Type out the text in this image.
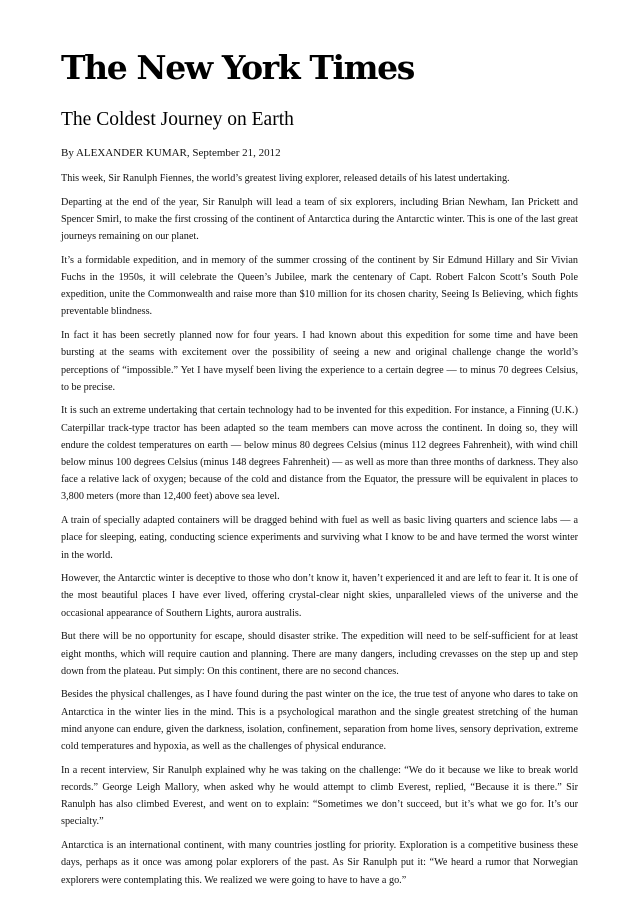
The New York Times
The Coldest Journey on Earth
By ALEXANDER KUMAR, September 21, 2012

This week, Sir Ranulph Fiennes, the world’s greatest living explorer, released details of his latest undertaking.

Departing at the end of the year, Sir Ranulph will lead a team of six explorers, including Brian Newham, Ian Prickett and Spencer Smirl, to make the first crossing of the continent of Antarctica during the Antarctic winter. This is one of the last great journeys remaining on our planet.

It’s a formidable expedition, and in memory of the summer crossing of the continent by Sir Edmund Hillary and Sir Vivian Fuchs in the 1950s, it will celebrate the Queen’s Jubilee, mark the centenary of Capt. Robert Falcon Scott’s South Pole expedition, unite the Commonwealth and raise more than $10 million for its chosen charity, Seeing Is Believing, which fights preventable blindness.

In fact it has been secretly planned now for four years. I had known about this expedition for some time and have been bursting at the seams with excitement over the possibility of seeing a new and original challenge change the world’s perceptions of “impossible.” Yet I have myself been living the experience to a certain degree — to minus 70 degrees Celsius, to be precise.

It is such an extreme undertaking that certain technology had to be invented for this expedition. For instance, a Finning (U.K.) Caterpillar track-type tractor has been adapted so the team members can move across the continent. In doing so, they will endure the coldest temperatures on earth — below minus 80 degrees Celsius (minus 112 degrees Fahrenheit), with wind chill below minus 100 degrees Celsius (minus 148 degrees Fahrenheit) — as well as more than three months of darkness. They also face a relative lack of oxygen; because of the cold and distance from the Equator, the pressure will be equivalent in places to 3,800 meters (more than 12,400 feet) above sea level.

A train of specially adapted containers will be dragged behind with fuel as well as basic living quarters and science labs — a place for sleeping, eating, conducting science experiments and surviving what I know to be and have termed the worst winter in the world.

However, the Antarctic winter is deceptive to those who don’t know it, haven’t experienced it and are left to fear it. It is one of the most beautiful places I have ever lived, offering crystal-clear night skies, unparalleled views of the universe and the occasional appearance of Southern Lights, aurora australis.

But there will be no opportunity for escape, should disaster strike. The expedition will need to be self-sufficient for at least eight months, which will require caution and planning. There are many dangers, including crevasses on the step up and step down from the plateau. Put simply: On this continent, there are no second chances.

Besides the physical challenges, as I have found during the past winter on the ice, the true test of anyone who dares to take on Antarctica in the winter lies in the mind. This is a psychological marathon and the single greatest stretching of the human mind anyone can endure, given the darkness, isolation, confinement, separation from home lives, sensory deprivation, extreme cold temperatures and hypoxia, as well as the challenges of physical endurance.

In a recent interview, Sir Ranulph explained why he was taking on the challenge: “We do it because we like to break world records.” George Leigh Mallory, when asked why he would attempt to climb Everest, replied, “Because it is there.” Sir Ranulph has also climbed Everest, and went on to explain: “Sometimes we don’t succeed, but it’s what we go for. It’s our specialty.”

Antarctica is an international continent, with many countries jostling for priority. Exploration is a competitive business these days, perhaps as it once was among polar explorers of the past. As Sir Ranulph put it: “We heard a rumor that Norwegian explorers were contemplating this. We realized we were going to have to have a go.”
